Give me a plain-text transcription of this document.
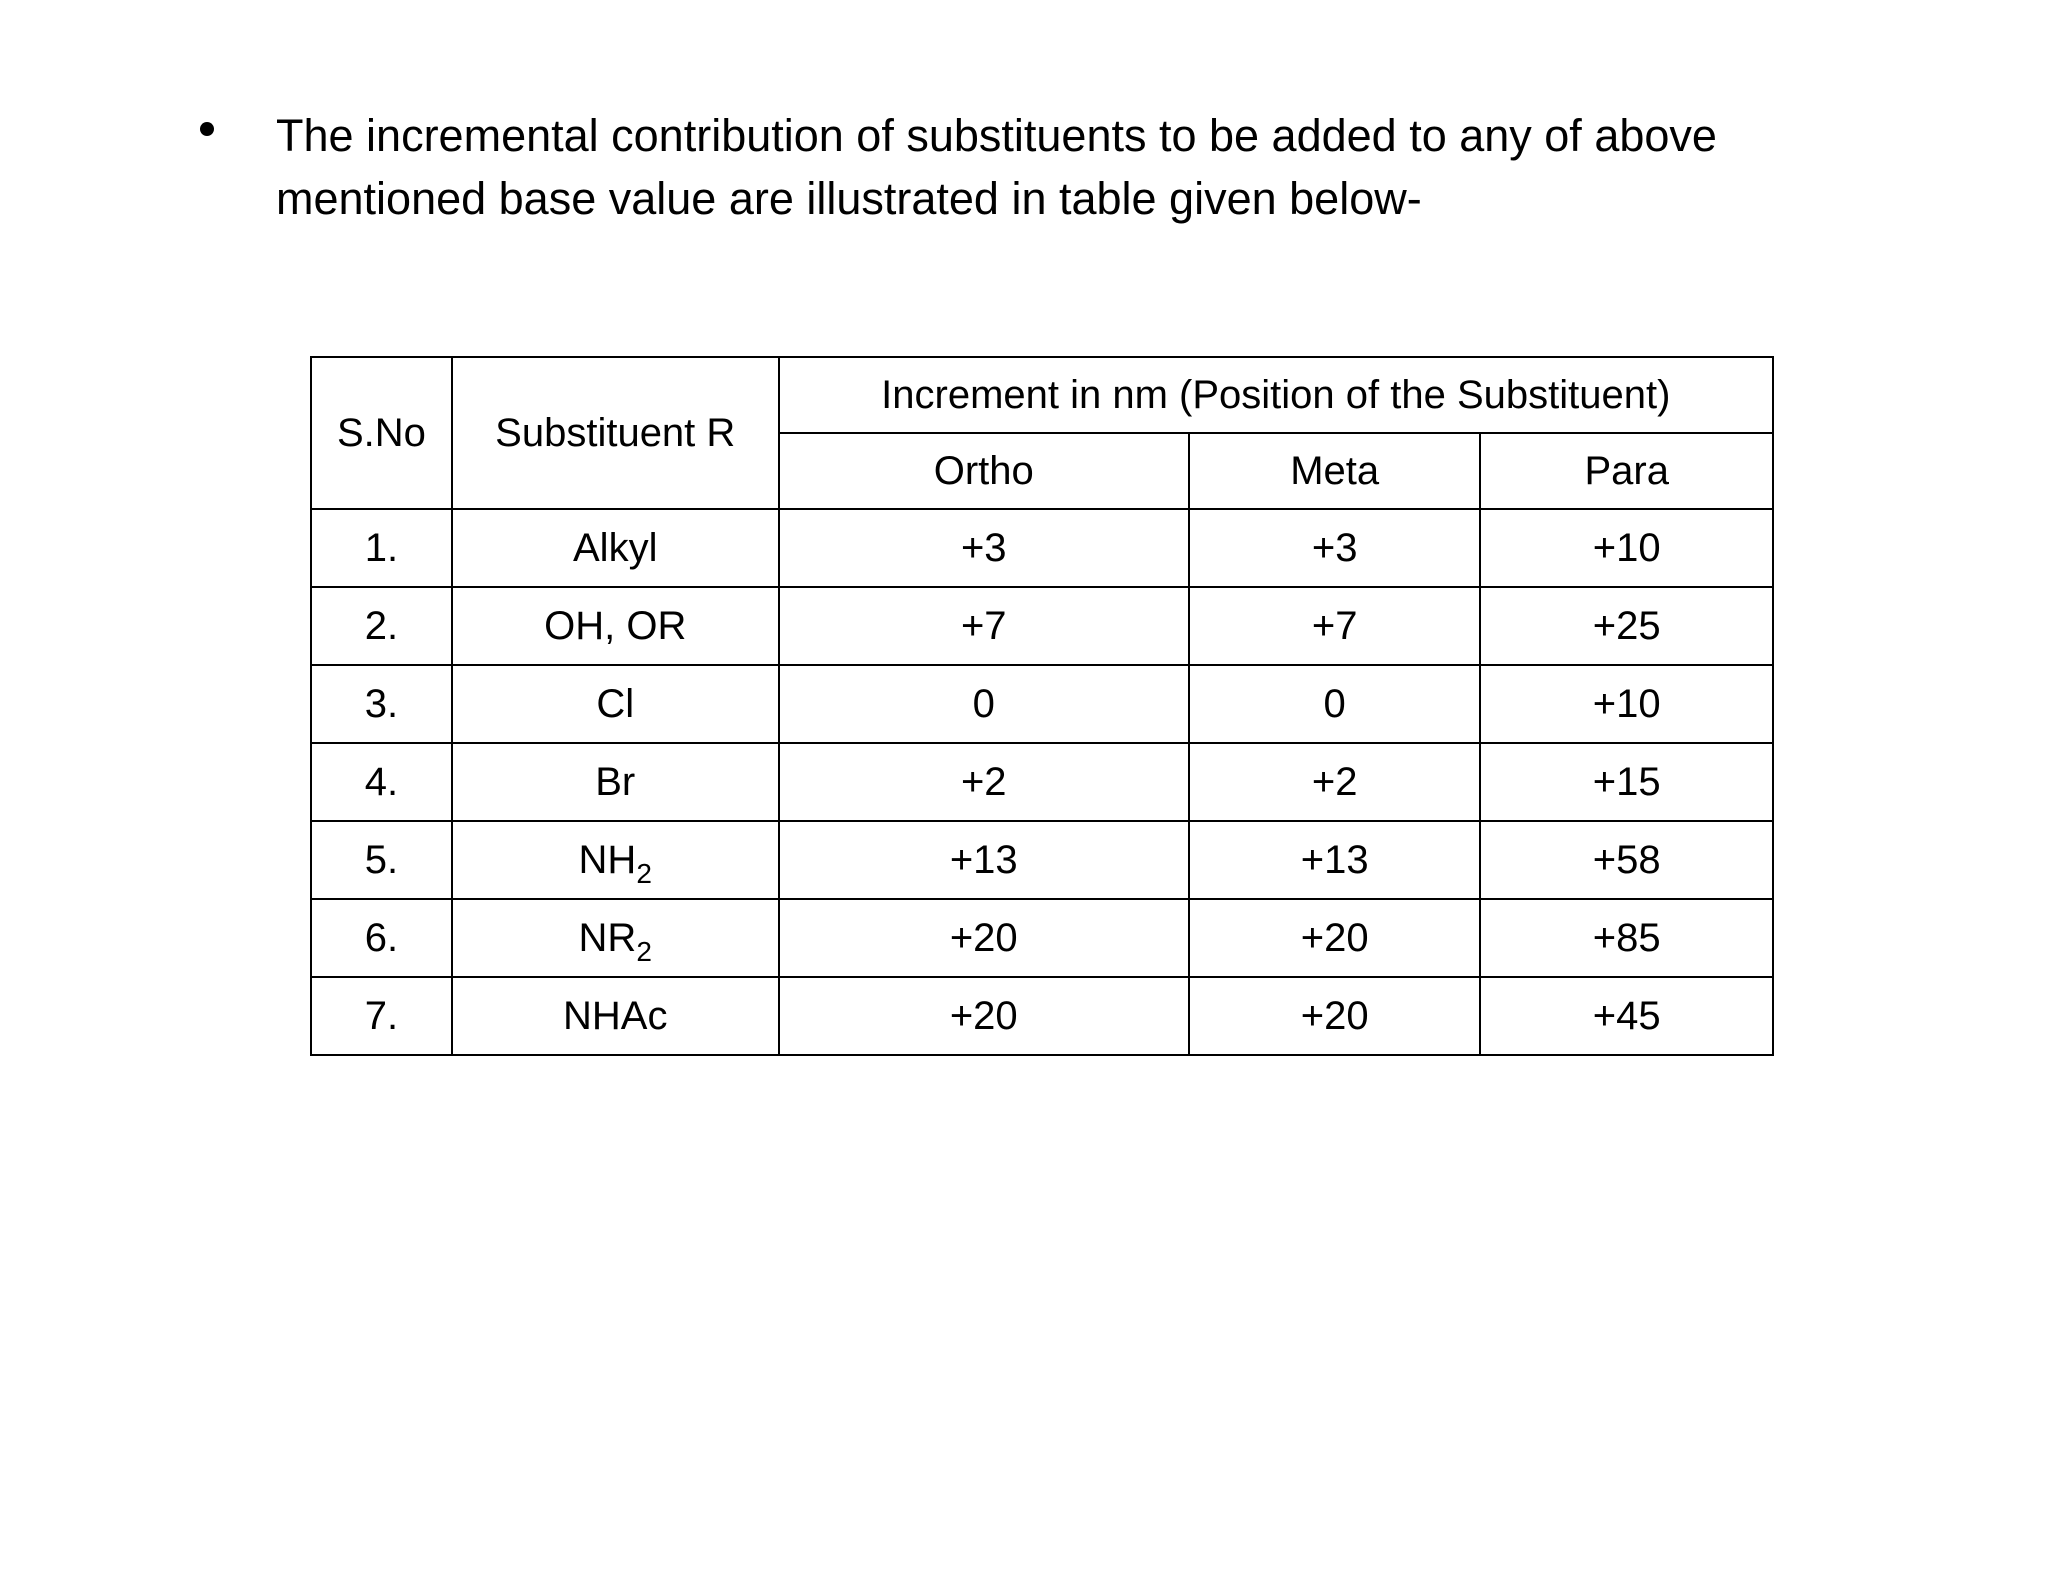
The incremental contribution of substituents to be added to any of above
mentioned base value are illustrated in table given below-
S.No	Substituent R	Increment in nm (Position of the Substituent)		
		Ortho	Meta	Para
1.	Alkyl	+3	+3	+10
2.	OH, OR	+7	+7	+25
3.	Cl	0	0	+10
4.	Br	+2	+2	+15
5.	$NH_2$	+13	+13	+58
6.	$NR_2$	+20	+20	+85
7.	NHAc	+20	+20	+45
